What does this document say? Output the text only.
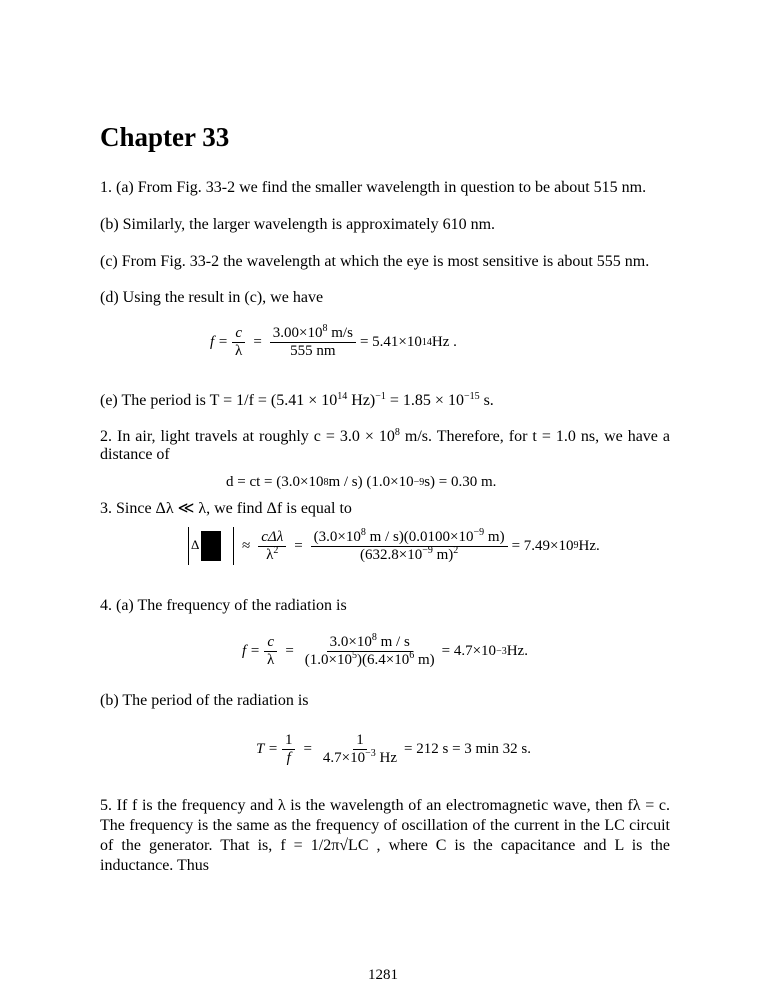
Chapter 33
1. (a) From Fig. 33-2 we find the smaller wavelength in question to be about 515 nm.
(b) Similarly, the larger wavelength is approximately 610 nm.
(c) From Fig. 33-2 the wavelength at which the eye is most sensitive is about 555 nm.
(d) Using the result in (c), we have
$f = \frac{c}{\lambda} = \frac{3.00\times 10^8 m/s}{555 nm} = 5.41\times 10$ 14 Hz .
(e) The period is $T = 1/f = (5.41 \times 10^{14}$ $Hz)^{-1} = 1.85 \times 10^{-15}$ s.
2. In air, light travels at roughly $c = 3.0 \times 10^8$ m/s. Therefore, for t = 1.0 ns, we have a
distance of
d = ct = (3.0×10 8 m / s) (1.0×10 −9 s) = 0.30 m.
3. Since Δλ ≪ λ, we find Δf is equal to
Δ	≈
cΔλ
$\lambda^2 = \frac{(3.0\times 10^8 m / s)(0.0100\times 10^{-9} m)}{(632.8\times 10^{-9} m)^2} = 7.49\times 10$ 9 Hz.
4. (a) The frequency of the radiation is
$f = \frac{c}{\lambda} = \frac{3.0\times 10^8 m / s}{(1.0\times 10^5)(6.4\times 10^6 m)} = 4.7\times 10 -3$ Hz.
(b) The period of the radiation is
$T = \frac{1}{f} = \frac{1}{4.7\times 10^{-3} Hz} = 212$ s = 3 min 32 s.
5. If f is the frequency and λ is the wavelength of an electromagnetic wave, then fλ = c.
The frequency is the same as the frequency of oscillation of the current in the LC circuit
of the generator. That is, f = 1/2π√LC , where C is the capacitance and L is the
inductance. Thus
1281
